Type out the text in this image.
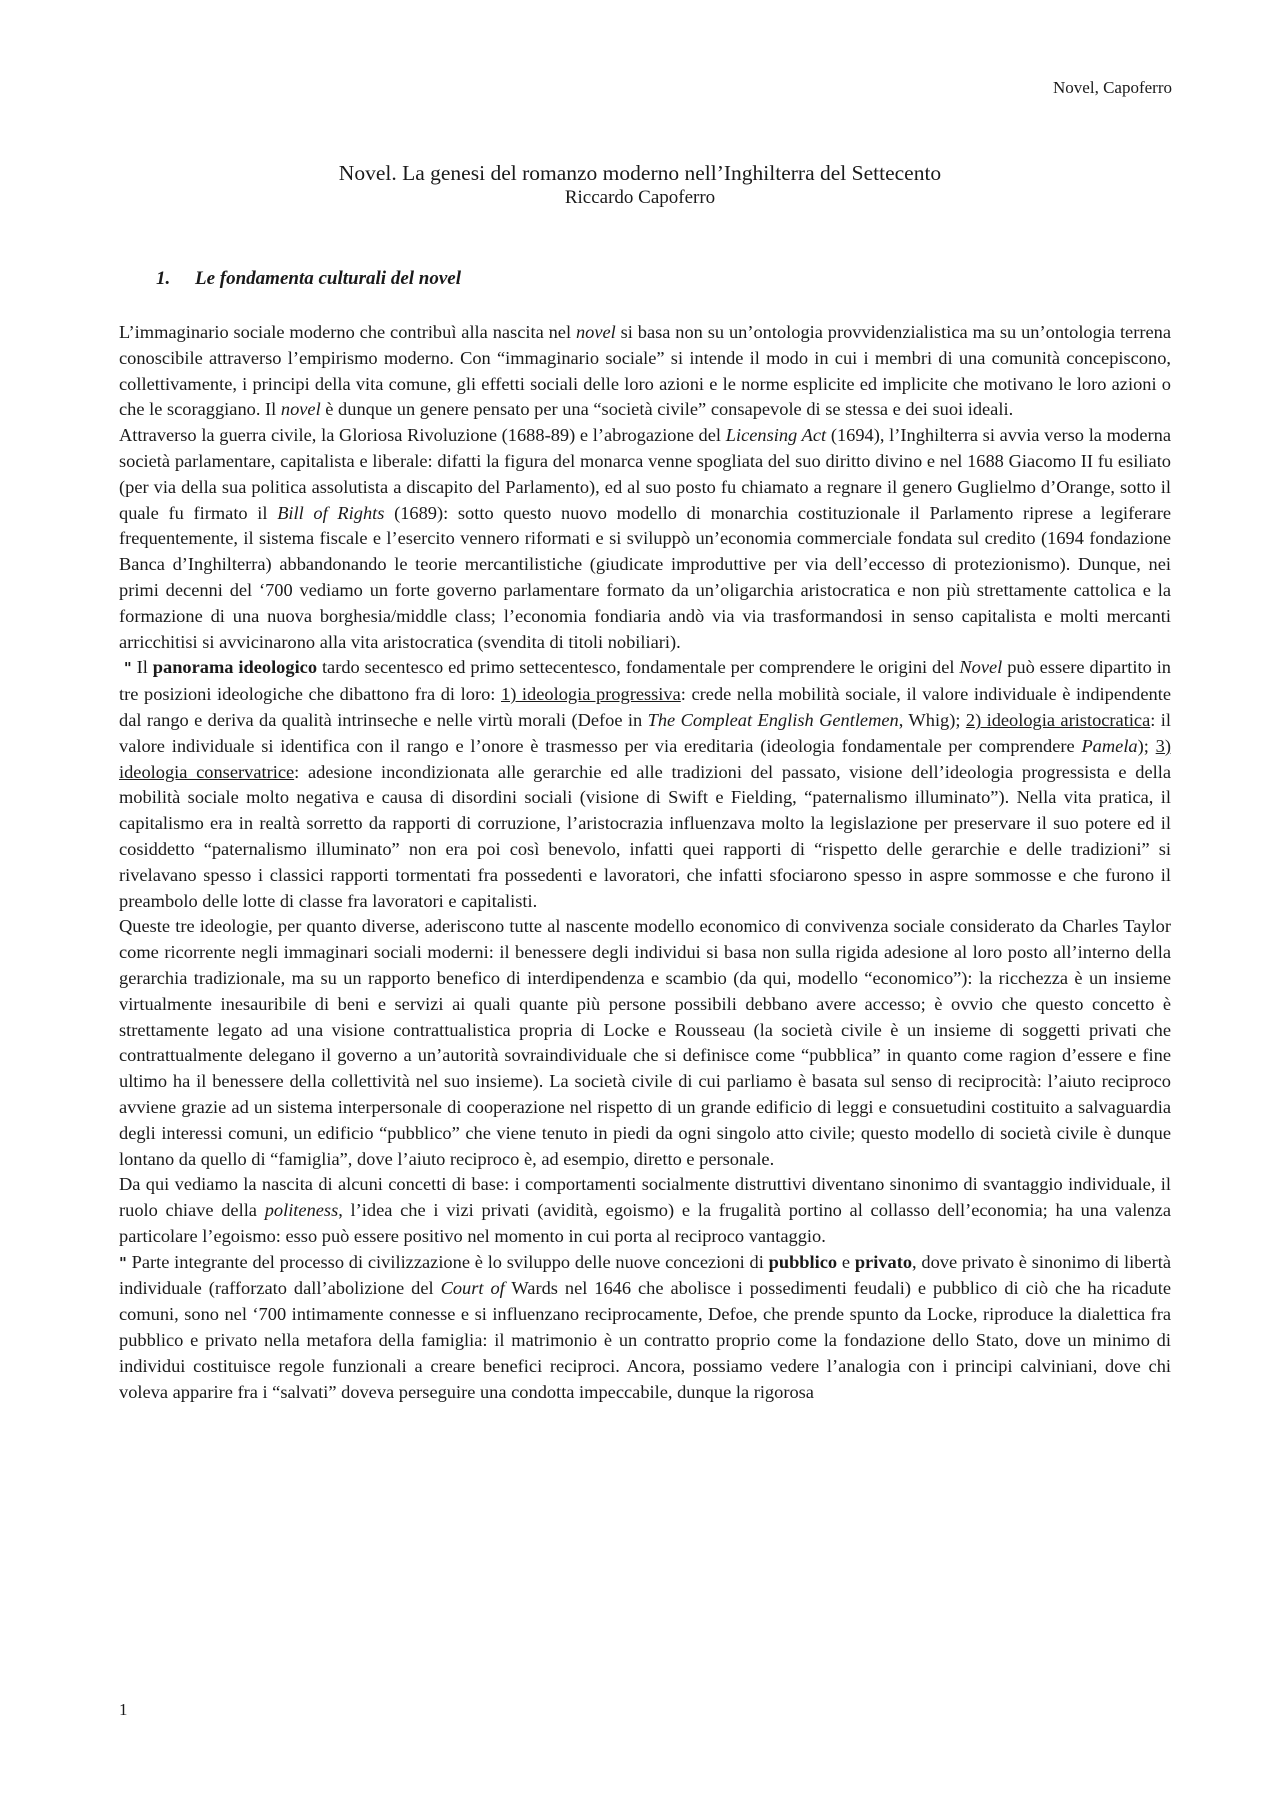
Novel, Capoferro
Novel. La genesi del romanzo moderno nell’Inghilterra del Settecento
Riccardo Capoferro
1. Le fondamenta culturali del novel

L’immaginario sociale moderno che contribuì alla nascita nel novel si basa non su un’ontologia provvidenzialistica ma su un’ontologia terrena conoscibile attraverso l’empirismo moderno. Con “immaginario sociale” si intende il modo in cui i membri di una comunità concepiscono, collettivamente, i principi della vita comune, gli effetti sociali delle loro azioni e le norme esplicite ed implicite che motivano le loro azioni o che le scoraggiano. Il novel è dunque un genere pensato per una “società civile” consapevole di se stessa e dei suoi ideali.

Attraverso la guerra civile, la Gloriosa Rivoluzione (1688-89) e l’abrogazione del Licensing Act (1694), l’Inghilterra si avvia verso la moderna società parlamentare, capitalista e liberale: difatti la figura del monarca venne spogliata del suo diritto divino e nel 1688 Giacomo II fu esiliato (per via della sua politica assolutista a discapito del Parlamento), ed al suo posto fu chiamato a regnare il genero Guglielmo d’Orange, sotto il quale fu firmato il Bill of Rights (1689): sotto questo nuovo modello di monarchia costituzionale il Parlamento riprese a legiferare frequentemente, il sistema fiscale e l’esercito vennero riformati e si sviluppò un’economia commerciale fondata sul credito (1694 fondazione Banca d’Inghilterra) abbandonando le teorie mercantilistiche (giudicate improduttive per via dell’eccesso di protezionismo). Dunque, nei primi decenni del ‘700 vediamo un forte governo parlamentare formato da un’oligarchia aristocratica e non più strettamente cattolica e la formazione di una nuova borghesia/middle class; l’economia fondiaria andò via via trasformandosi in senso capitalista e molti mercanti arricchitisi si avvicinarono alla vita aristocratica (svendita di titoli nobiliari).

" Il panorama ideologico tardo secentesco ed primo settecentesco, fondamentale per comprendere le origini del Novel può essere dipartito in tre posizioni ideologiche che dibattono fra di loro: 1) ideologia progressiva: crede nella mobilità sociale, il valore individuale è indipendente dal rango e deriva da qualità intrinseche e nelle virtù morali (Defoe in The Compleat English Gentlemen, Whig); 2) ideologia aristocratica: il valore individuale si identifica con il rango e l’onore è trasmesso per via ereditaria (ideologia fondamentale per comprendere Pamela); 3) ideologia conservatrice: adesione incondizionata alle gerarchie ed alle tradizioni del passato, visione dell’ideologia progressista e della mobilità sociale molto negativa e causa di disordini sociali (visione di Swift e Fielding, “paternalismo illuminato”). Nella vita pratica, il capitalismo era in realtà sorretto da rapporti di corruzione, l’aristocrazia influenzava molto la legislazione per preservare il suo potere ed il cosiddetto “paternalismo illuminato” non era poi così benevolo, infatti quei rapporti di “rispetto delle gerarchie e delle tradizioni” si rivelavano spesso i classici rapporti tormentati fra possedenti e lavoratori, che infatti sfociarono spesso in aspre sommosse e che furono il preambolo delle lotte di classe fra lavoratori e capitalisti.

Queste tre ideologie, per quanto diverse, aderiscono tutte al nascente modello economico di convivenza sociale considerato da Charles Taylor come ricorrente negli immaginari sociali moderni: il benessere degli individui si basa non sulla rigida adesione al loro posto all’interno della gerarchia tradizionale, ma su un rapporto benefico di interdipendenza e scambio (da qui, modello “economico”): la ricchezza è un insieme virtualmente inesauribile di beni e servizi ai quali quante più persone possibili debbano avere accesso; è ovvio che questo concetto è strettamente legato ad una visione contrattualistica propria di Locke e Rousseau (la società civile è un insieme di soggetti privati che contrattualmente delegano il governo a un’autorità sovraindividuale che si definisce come “pubblica” in quanto come ragion d’essere e fine ultimo ha il benessere della collettività nel suo insieme). La società civile di cui parliamo è basata sul senso di reciprocità: l’aiuto reciproco avviene grazie ad un sistema interpersonale di cooperazione nel rispetto di un grande edificio di leggi e consuetudini costituito a salvaguardia degli interessi comuni, un edificio “pubblico” che viene tenuto in piedi da ogni singolo atto civile; questo modello di società civile è dunque lontano da quello di “famiglia”, dove l’aiuto reciproco è, ad esempio, diretto e personale.

Da qui vediamo la nascita di alcuni concetti di base: i comportamenti socialmente distruttivi diventano sinonimo di svantaggio individuale, il ruolo chiave della politeness, l’idea che i vizi privati (avidità, egoismo) e la frugalità portino al collasso dell’economia; ha una valenza particolare l’egoismo: esso può essere positivo nel momento in cui porta al reciproco vantaggio.

" Parte integrante del processo di civilizzazione è lo sviluppo delle nuove concezioni di pubblico e privato, dove privato è sinonimo di libertà individuale (rafforzato dall’abolizione del Court of Wards nel 1646 che abolisce i possedimenti feudali) e pubblico di ciò che ha ricadute comuni, sono nel ‘700 intimamente connesse e si influenzano reciprocamente, Defoe, che prende spunto da Locke, riproduce la dialettica fra pubblico e privato nella metafora della famiglia: il matrimonio è un contratto proprio come la fondazione dello Stato, dove un minimo di individui costituisce regole funzionali a creare benefici reciproci. Ancora, possiamo vedere l’analogia con i principi calviniani, dove chi voleva apparire fra i “salvati” doveva perseguire una condotta impeccabile, dunque la rigorosa

1
